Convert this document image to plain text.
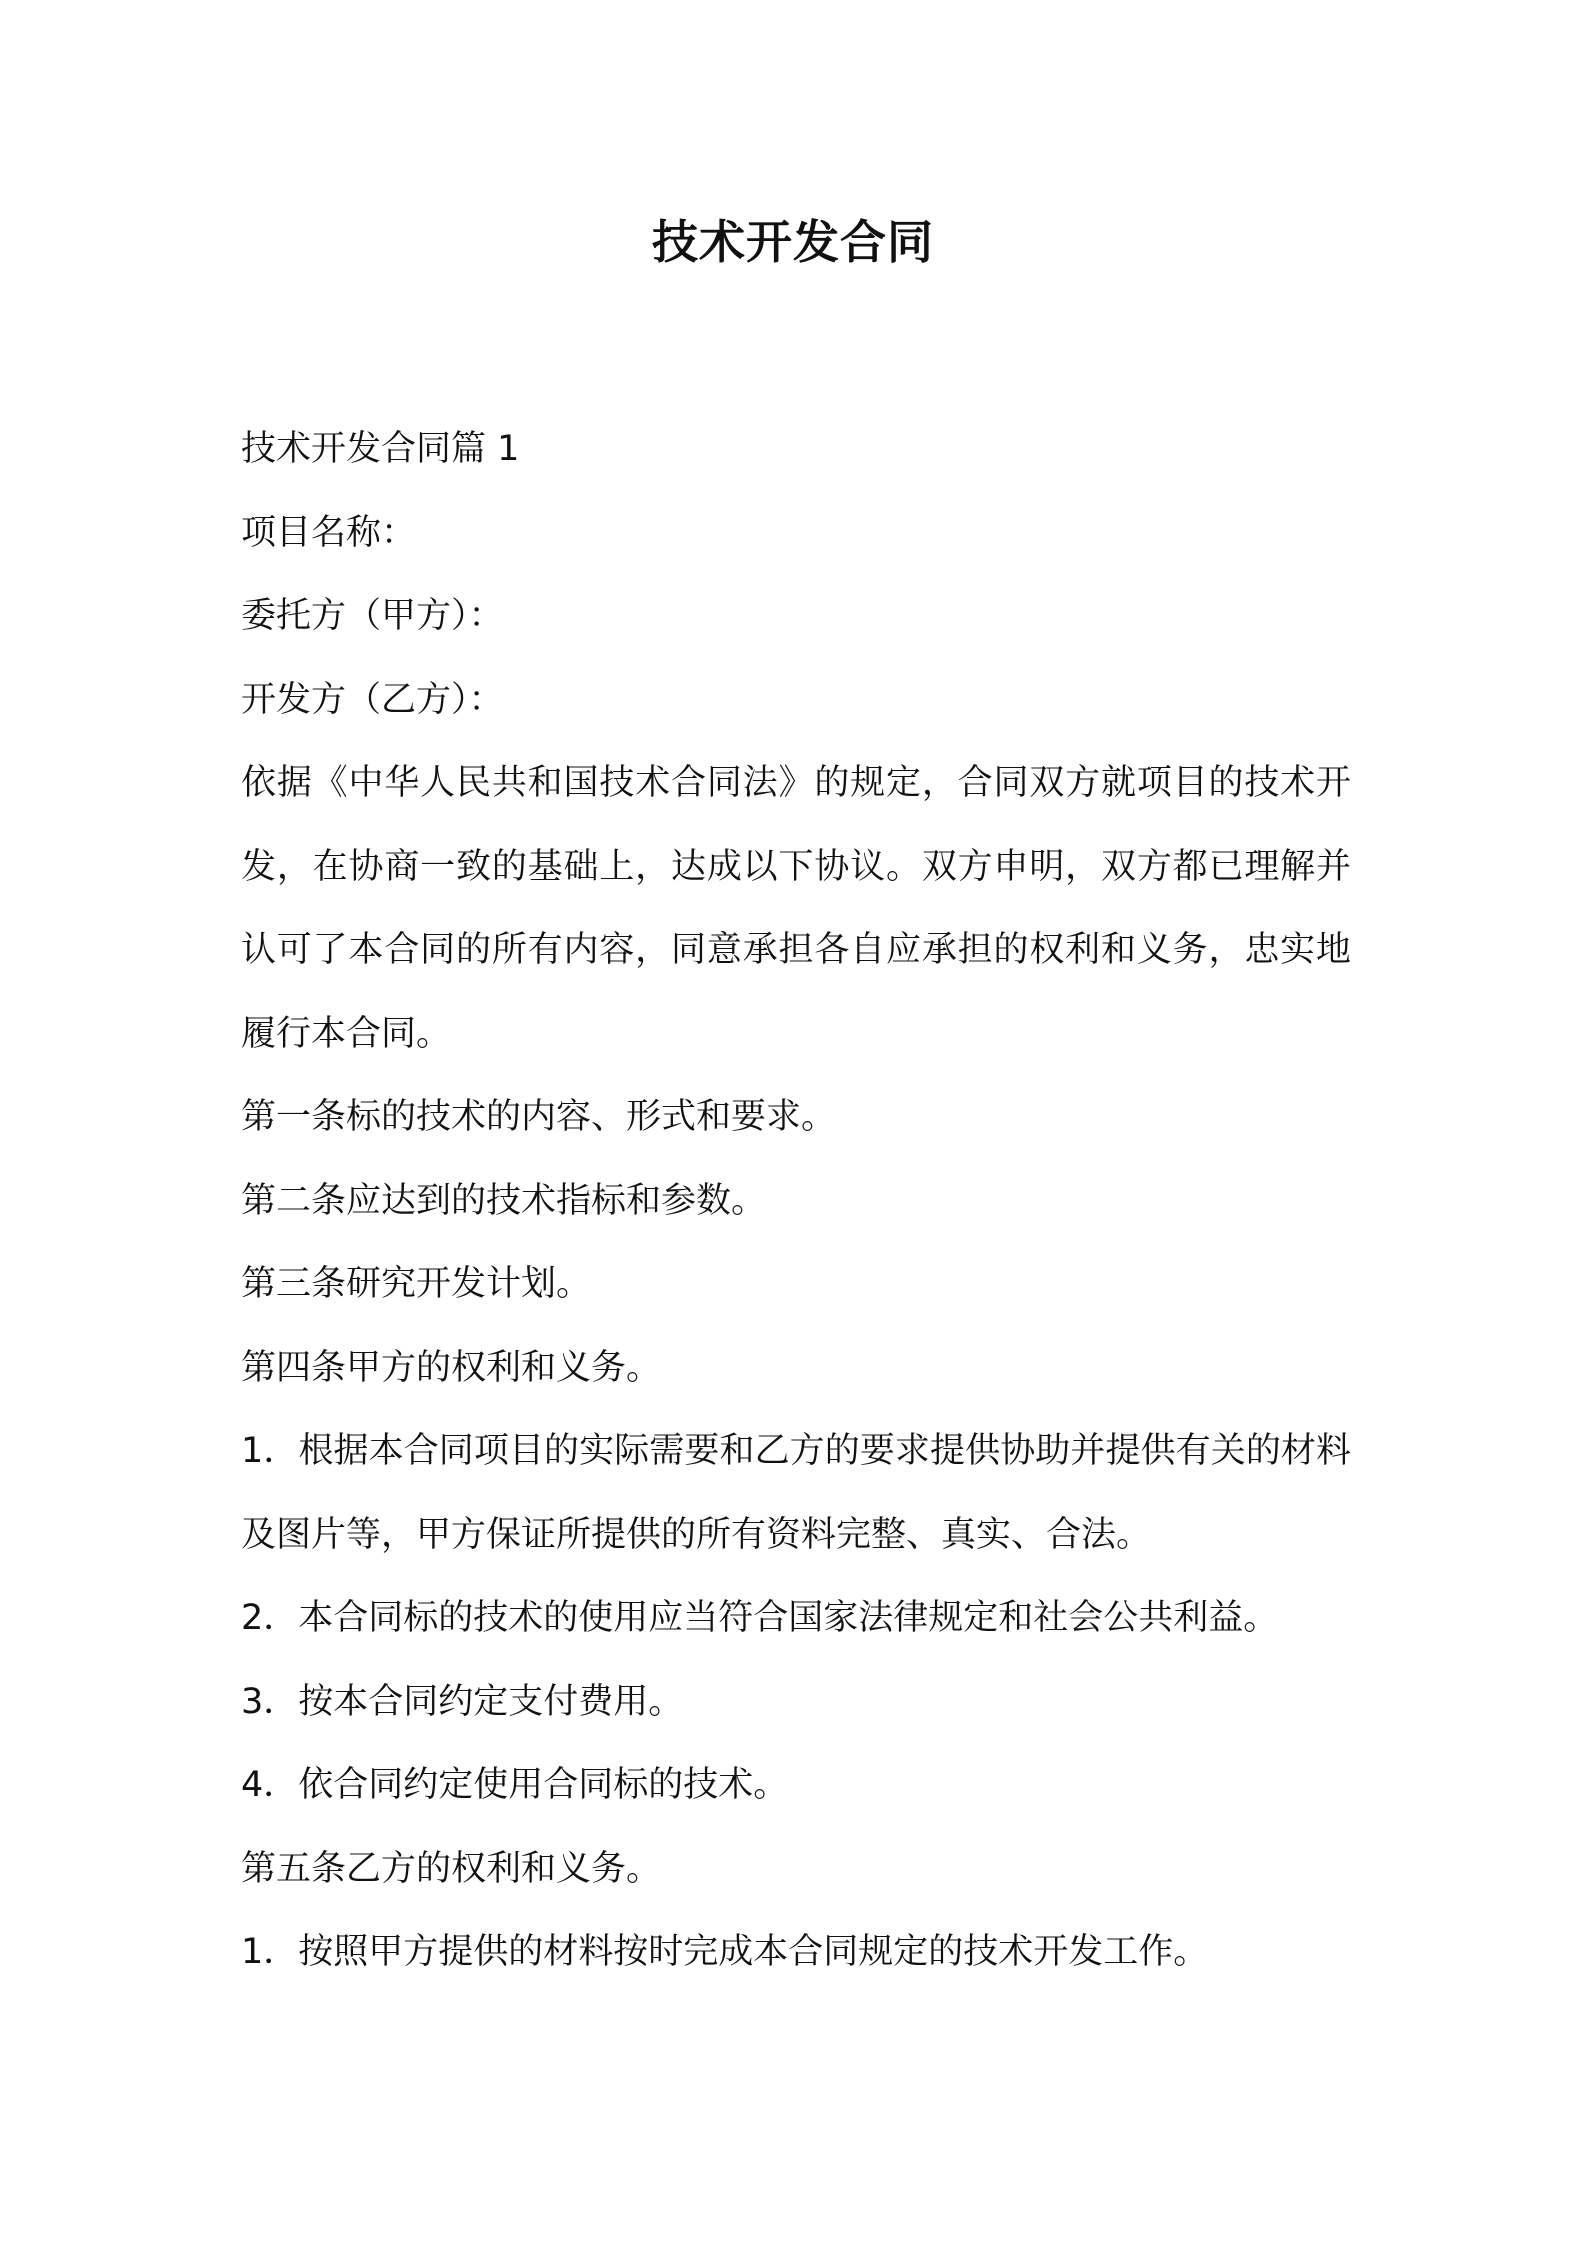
技术开发合同

技术开发合同篇 1

项目名称：

委托方（甲方）：

开发方（乙方）：

依据《中华人民共和国技术合同法》的规定，合同双方就项目的技术开发，在协商一致的基础上，达成以下协议。双方申明，双方都已理解并认可了本合同的所有内容，同意承担各自应承担的权利和义务，忠实地履行本合同。

第一条标的技术的内容、形式和要求。

第二条应达到的技术指标和参数。

第三条研究开发计划。

第四条甲方的权利和义务。

1．根据本合同项目的实际需要和乙方的要求提供协助并提供有关的材料及图片等，甲方保证所提供的所有资料完整、真实、合法。

2．本合同标的技术的使用应当符合国家法律规定和社会公共利益。

3．按本合同约定支付费用。

4．依合同约定使用合同标的技术。

第五条乙方的权利和义务。

1．按照甲方提供的材料按时完成本合同规定的技术开发工作。
